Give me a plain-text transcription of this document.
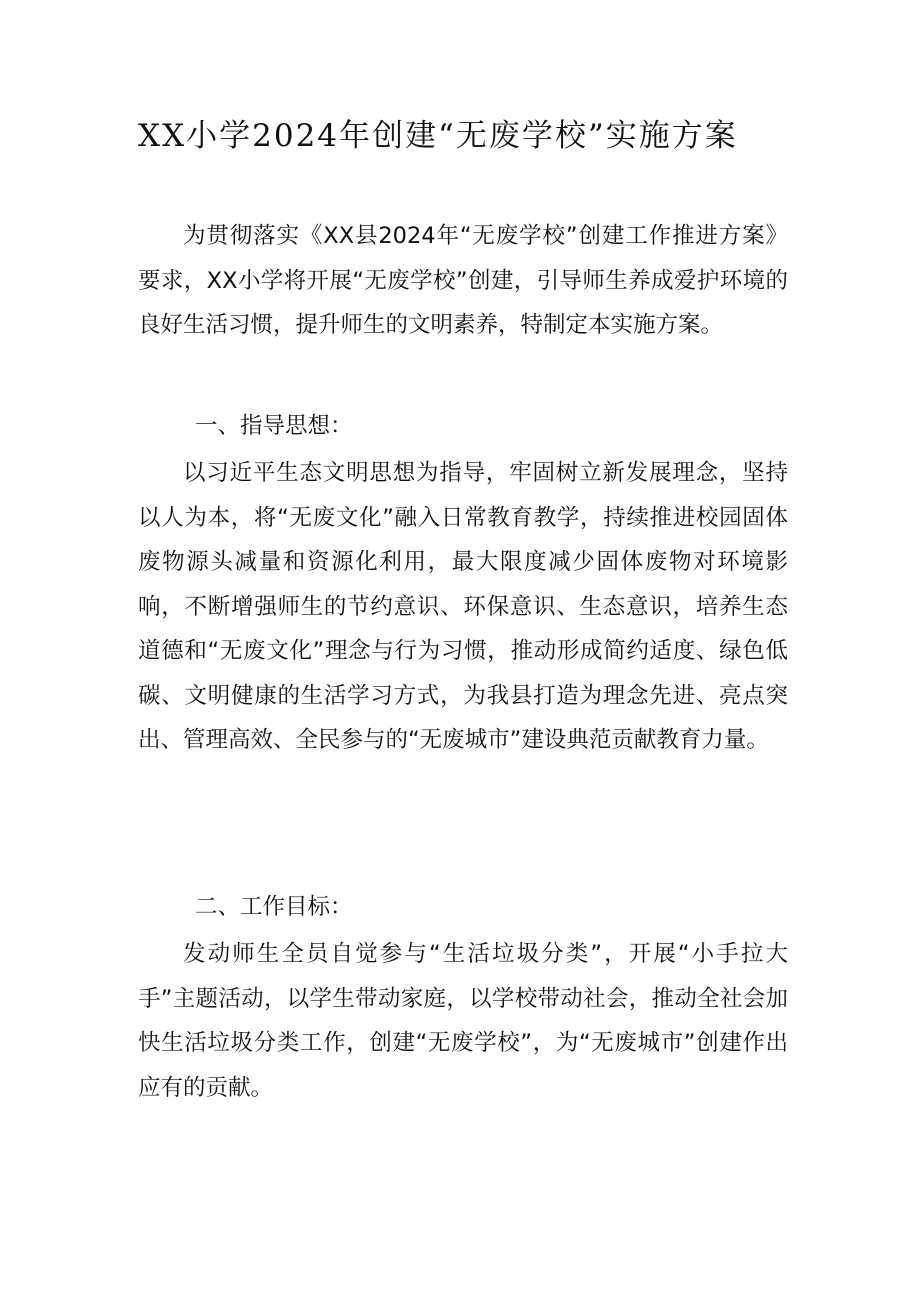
XX小学2024年创建“无废学校”实施方案

为贯彻落实《XX县2024年“无废学校”创建工作推进方案》要求，XX小学将开展“无废学校”创建，引导师生养成爱护环境的良好生活习惯，提升师生的文明素养，特制定本实施方案。

一、指导思想：

以习近平生态文明思想为指导，牢固树立新发展理念，坚持以人为本，将“无废文化”融入日常教育教学，持续推进校园固体废物源头减量和资源化利用，最大限度减少固体废物对环境影响，不断增强师生的节约意识、环保意识、生态意识，培养生态道德和“无废文化”理念与行为习惯，推动形成简约适度、绿色低碳、文明健康的生活学习方式，为我县打造为理念先进、亮点突出、管理高效、全民参与的“无废城市”建设典范贡献教育力量。

二、工作目标：

发动师生全员自觉参与“生活垃圾分类”，开展“小手拉大手”主题活动，以学生带动家庭，以学校带动社会，推动全社会加快生活垃圾分类工作，创建“无废学校”，为“无废城市”创建作出应有的贡献。
